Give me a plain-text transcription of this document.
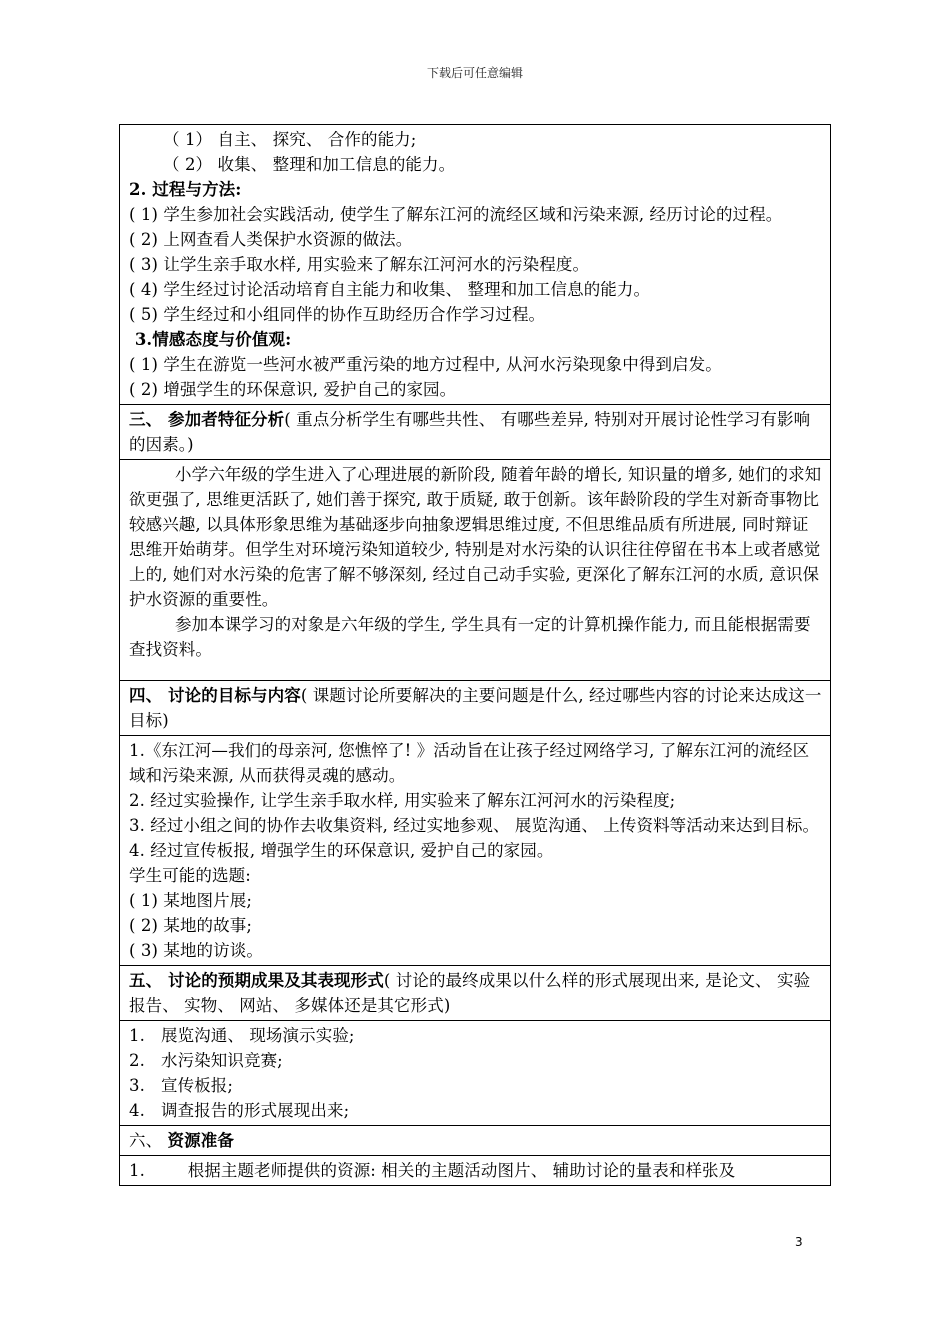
下载后可任意编辑
（ 1） 自主、 探究、 合作的能力;
（ 2） 收集、 整理和加工信息的能力。
2. 过程与方法:
( 1) 学生参加社会实践活动, 使学生了解东江河的流经区域和污染来源, 经历讨论的过程。
( 2) 上网查看人类保护水资源的做法。
( 3) 让学生亲手取水样, 用实验来了解东江河河水的污染程度。
( 4) 学生经过讨论活动培育自主能力和收集、 整理和加工信息的能力。
( 5) 学生经过和小组同伴的协作互助经历合作学习过程。
3.情感态度与价值观:
( 1) 学生在游览一些河水被严重污染的地方过程中, 从河水污染现象中得到启发。
( 2) 增强学生的环保意识, 爱护自己的家园。

三、 参加者特征分析( 重点分析学生有哪些共性、 有哪些差异, 特别对开展讨论性学习有影响的因素。)

小学六年级的学生进入了心理进展的新阶段, 随着年龄的增长, 知识量的增多, 她们的求知欲更强了, 思维更活跃了, 她们善于探究, 敢于质疑, 敢于创新。该年龄阶段的学生对新奇事物比较感兴趣, 以具体形象思维为基础逐步向抽象逻辑思维过度, 不但思维品质有所进展, 同时辩证思维开始萌芽。但学生对环境污染知道较少, 特别是对水污染的认识往往停留在书本上或者感觉上的, 她们对水污染的危害了解不够深刻, 经过自己动手实验, 更深化了解东江河的水质, 意识保护水资源的重要性。
参加本课学习的对象是六年级的学生, 学生具有一定的计算机操作能力, 而且能根据需要查找资料。

四、 讨论的目标与内容( 课题讨论所要解决的主要问题是什么, 经过哪些内容的讨论来达成这一目标)

1.《东江河—我们的母亲河, 您憔悴了! 》活动旨在让孩子经过网络学习, 了解东江河的流经区域和污染来源, 从而获得灵魂的感动。
2. 经过实验操作, 让学生亲手取水样, 用实验来了解东江河河水的污染程度;
3. 经过小组之间的协作去收集资料, 经过实地参观、 展览沟通、 上传资料等活动来达到目标。
4. 经过宣传板报, 增强学生的环保意识, 爱护自己的家园。
学生可能的选题:
( 1) 某地图片展;
( 2) 某地的故事;
( 3) 某地的访谈。

五、 讨论的预期成果及其表现形式( 讨论的最终成果以什么样的形式展现出来, 是论文、 实验报告、 实物、 网站、 多媒体还是其它形式)

1.   展览沟通、 现场演示实验;
2.   水污染知识竞赛;
3.   宣传板报;
4.   调查报告的形式展现出来;

六、 资源准备

1.        根据主题老师提供的资源: 相关的主题活动图片、 辅助讨论的量表和样张及
3
